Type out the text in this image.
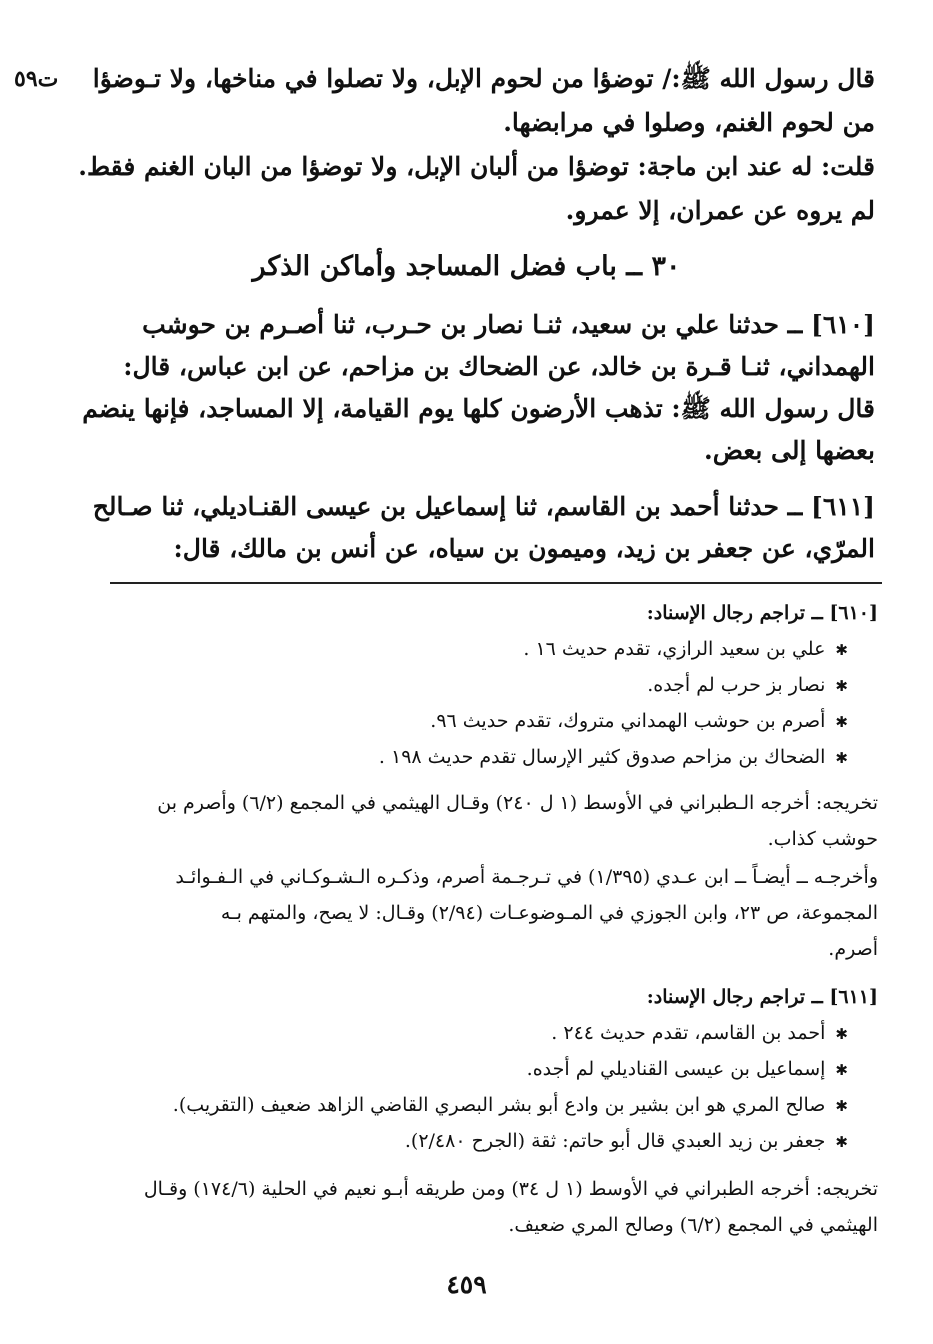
قال رسول الله ﷺ:/ توضؤا من لحوم الإبل، ولا تصلوا في مناخها، ولا تـوضؤا
ت٥٩
من لحوم الغنم، وصلوا في مرابضها.
قلت: له عند ابن ماجة: توضؤا من ألبان الإبل، ولا توضؤا من البان الغنم فقط.
لم يروه عن عمران، إلا عمرو.
٣٠ ــ باب فضل المساجد وأماكن الذكر
[٦١٠] ــ حدثنا علي بن سعيد، ثنـا نصار بن حـرب، ثنا أصـرم بن حوشب
الهمداني، ثنـا قـرة بن خالد، عن الضحاك بن مزاحم، عن ابن عباس، قال:
قال رسول الله ﷺ: تذهب الأرضون كلها يوم القيامة، إلا المساجد، فإنها ينضم
بعضها إلى بعض.
[٦١١] ــ حدثنا أحمد بن القاسم، ثنا إسماعيل بن عيسى القنـاديلي، ثنا صـالح
المرّي، عن جعفر بن زيد، وميمون بن سياه، عن أنس بن مالك، قال:
[٦١٠] ــ تراجم رجال الإسناد:
✱ علي بن سعيد الرازي، تقدم حديث ١٦ .
✱ نصار بز حرب لم أجده.
✱ أصرم بن حوشب الهمداني متروك، تقدم حديث ٩٦.
✱ الضحاك بن مزاحم صدوق كثير الإرسال تقدم حديث ١٩٨ .
تخريجه: أخرجه الـطبراني في الأوسط (١ ل ٢٤٠) وقـال الهيثمي في المجمع (٦/٢) وأصرم بن
حوشب كذاب.
وأخرجـه ــ أيضـاً ــ ابن عـدي (١/٣٩٥) في تـرجـمة أصرم، وذكـره الـشـوكـاني في الـفـوائـد
المجموعة، ص ٢٣، وابن الجوزي في المـوضوعـات (٢/٩٤) وقـال: لا يصح، والمتهم بـه
أصرم.
[٦١١] ــ تراجم رجال الإسناد:
✱ أحمد بن القاسم، تقدم حديث ٢٤٤ .
✱ إسماعيل بن عيسى القناديلي لم أجده.
✱ صالح المري هو ابن بشير بن وادع أبو بشر البصري القاضي الزاهد ضعيف (التقريب).
✱ جعفر بن زيد العبدي قال أبو حاتم: ثقة (الجرح ٢/٤٨٠).
تخريجه: أخرجه الطبراني في الأوسط (١ ل ٣٤) ومن طريقه أبـو نعيم في الحلية (١٧٤/٦) وقـال
الهيثمي في المجمع (٦/٢) وصالح المري ضعيف.
٤٥٩
